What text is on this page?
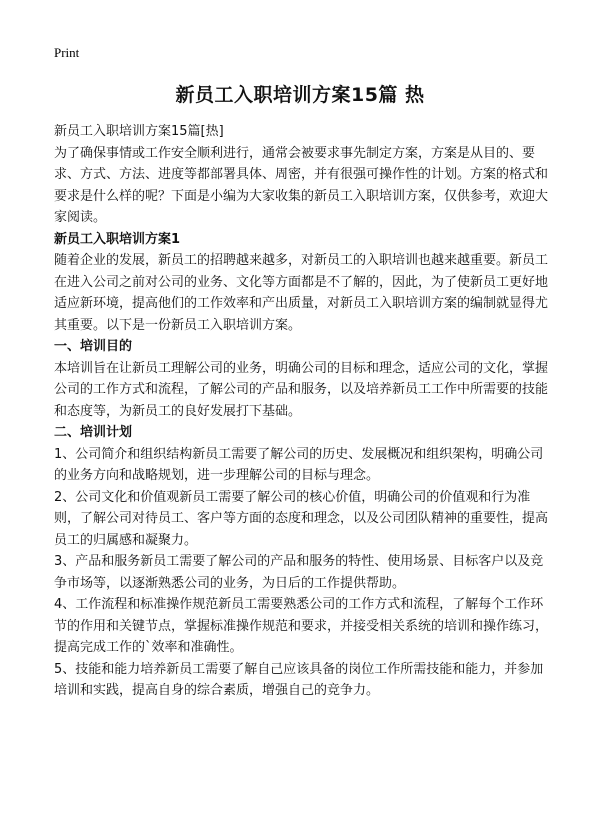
Print
新员工入职培训方案15篇 热

新员工入职培训方案15篇[热]

为了确保事情或工作安全顺利进行，通常会被要求事先制定方案，方案是从目的、要求、方式、方法、进度等都部署具体、周密，并有很强可操作性的计划。方案的格式和要求是什么样的呢？下面是小编为大家收集的新员工入职培训方案，仅供参考，欢迎大家阅读。

新员工入职培训方案1

随着企业的发展，新员工的招聘越来越多，对新员工的入职培训也越来越重要。新员工在进入公司之前对公司的业务、文化等方面都是不了解的，因此，为了使新员工更好地适应新环境，提高他们的工作效率和产出质量，对新员工入职培训方案的编制就显得尤其重要。以下是一份新员工入职培训方案。

一、培训目的

本培训旨在让新员工理解公司的业务，明确公司的目标和理念，适应公司的文化，掌握公司的工作方式和流程，了解公司的产品和服务，以及培养新员工工作中所需要的技能和态度等，为新员工的良好发展打下基础。

二、培训计划

1、公司简介和组织结构新员工需要了解公司的历史、发展概况和组织架构，明确公司的业务方向和战略规划，进一步理解公司的目标与理念。

2、公司文化和价值观新员工需要了解公司的核心价值，明确公司的价值观和行为准则，了解公司对待员工、客户等方面的态度和理念，以及公司团队精神的重要性，提高员工的归属感和凝聚力。

3、产品和服务新员工需要了解公司的产品和服务的特性、使用场景、目标客户以及竞争市场等，以逐渐熟悉公司的业务，为日后的工作提供帮助。

4、工作流程和标准操作规范新员工需要熟悉公司的工作方式和流程，了解每个工作环节的作用和关键节点，掌握标准操作规范和要求，并接受相关系统的培训和操作练习，提高完成工作的`效率和准确性。

5、技能和能力培养新员工需要了解自己应该具备的岗位工作所需技能和能力，并参加培训和实践，提高自身的综合素质，增强自己的竞争力。
